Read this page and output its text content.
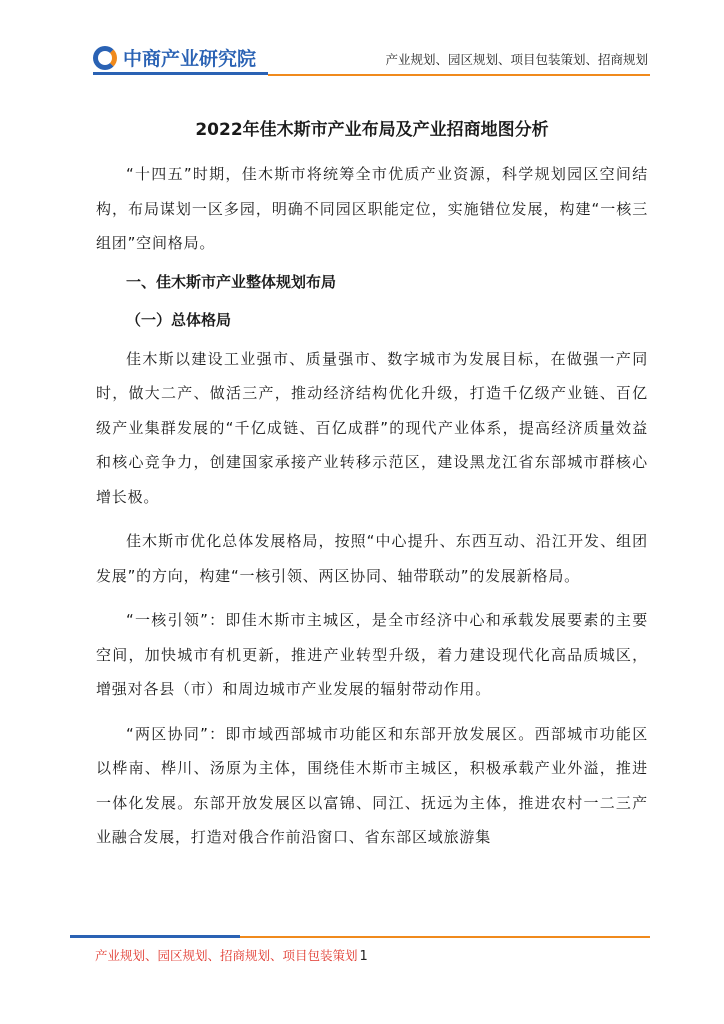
中商产业研究院	产业规划、园区规划、项目包装策划、招商规划
2022年佳木斯市产业布局及产业招商地图分析

“十四五”时期，佳木斯市将统筹全市优质产业资源，科学规划园区空间结构，布局谋划一区多园，明确不同园区职能定位，实施错位发展，构建“一核三组团”空间格局。

一、佳木斯市产业整体规划布局
（一）总体格局

佳木斯以建设工业强市、质量强市、数字城市为发展目标，在做强一产同时，做大二产、做活三产，推动经济结构优化升级，打造千亿级产业链、百亿级产业集群发展的“千亿成链、百亿成群”的现代产业体系，提高经济质量效益和核心竞争力，创建国家承接产业转移示范区，建设黑龙江省东部城市群核心增长极。

佳木斯市优化总体发展格局，按照“中心提升、东西互动、沿江开发、组团发展”的方向，构建“一核引领、两区协同、轴带联动”的发展新格局。

“一核引领”：即佳木斯市主城区，是全市经济中心和承载发展要素的主要空间，加快城市有机更新，推进产业转型升级，着力建设现代化高品质城区，增强对各县（市）和周边城市产业发展的辐射带动作用。

“两区协同”：即市域西部城市功能区和东部开放发展区。西部城市功能区以桦南、桦川、汤原为主体，围绕佳木斯市主城区，积极承载产业外溢，推进一体化发展。东部开放发展区以富锦、同江、抚远为主体，推进农村一二三产业融合发展，打造对俄合作前沿窗口、省东部区域旅游集

产业规划、园区规划、招商规划、项目包装策划 1
